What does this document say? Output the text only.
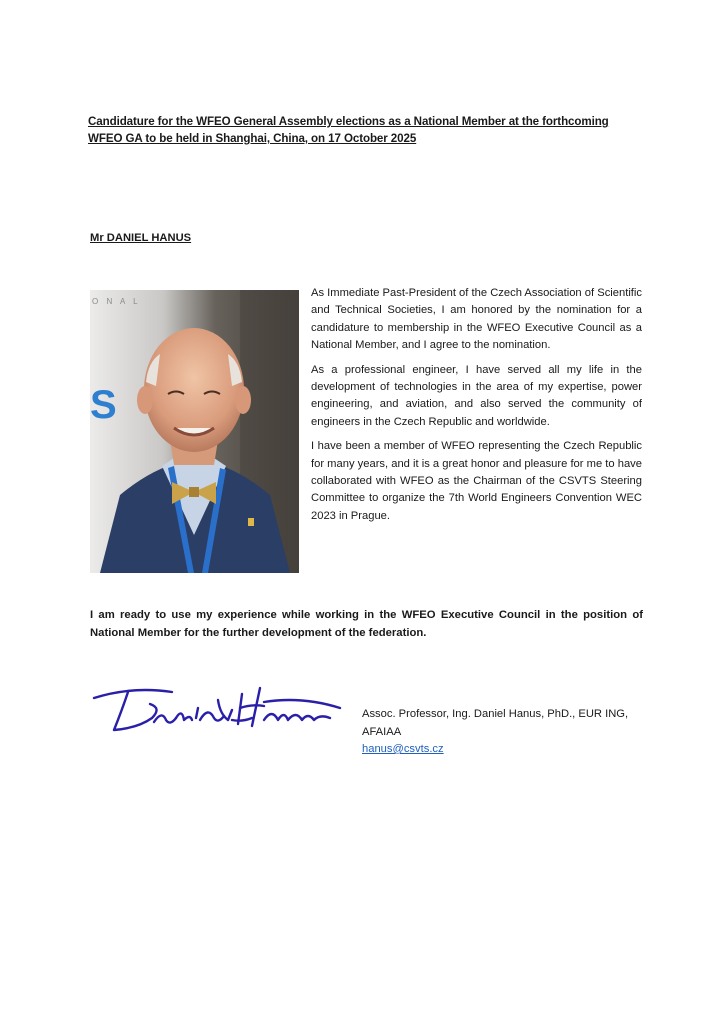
Candidature for the WFEO General Assembly elections as a National Member at the forthcoming
WFEO GA to be held in Shanghai, China, on 17 October 2025
Mr DANIEL HANUS
O N A L
S

As Immediate Past-President of the Czech Association of Scientific and Technical Societies, I am honored by the nomination for a candidature to membership in the WFEO Executive Council as a National Member, and I agree to the nomination.

As a professional engineer, I have served all my life in the development of technologies in the area of my expertise, power engineering, and aviation, and also served the community of engineers in the Czech Republic and worldwide.

I have been a member of WFEO representing the Czech Republic for many years, and it is a great honor and pleasure for me to have collaborated with WFEO as the Chairman of the CSVTS Steering Committee to organize the 7th World Engineers Convention WEC 2023 in Prague.

I am ready to use my experience while working in the WFEO Executive Council in the position of National Member for the further development of the federation.
Assoc. Professor, Ing. Daniel Hanus, PhD., EUR ING,
AFAIAA
hanus@csvts.cz
